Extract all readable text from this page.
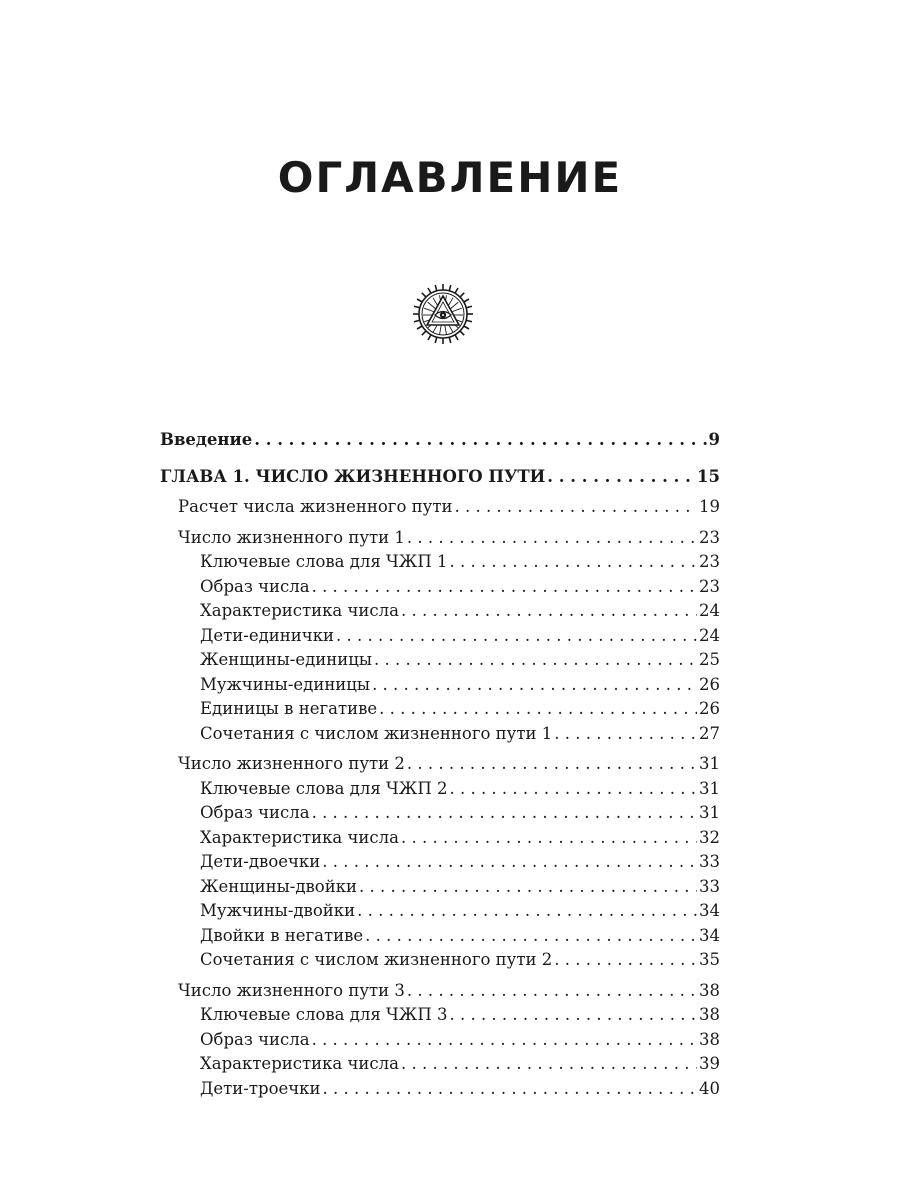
ОГЛАВЛЕНИЕ
Введение . . .	9
ГЛАВА 1. ЧИСЛО ЖИЗНЕННОГО ПУТИ . . .	15
Расчет числа жизненного пути . . .	19
Число жизненного пути 1 . . .	23
Ключевые слова для ЧЖП 1 . . .	23
Образ числа . . .	23
Характеристика числа . . .	24
Дети-единички . . .	24
Женщины-единицы . . .	25
Мужчины-единицы . . .	26
Единицы в негативе . . .	26
Сочетания с числом жизненного пути 1 . . .	27
Число жизненного пути 2 . . .	31
Ключевые слова для ЧЖП 2 . . .	31
Образ числа . . .	31
Характеристика числа . . .	32
Дети-двоечки . . .	33
Женщины-двойки . . .	33
Мужчины-двойки . . .	34
Двойки в негативе . . .	34
Сочетания с числом жизненного пути 2 . . .	35
Число жизненного пути 3 . . .	38
Ключевые слова для ЧЖП 3 . . .	38
Образ числа . . .	38
Характеристика числа . . .	39
Дети-троечки . . .	40
